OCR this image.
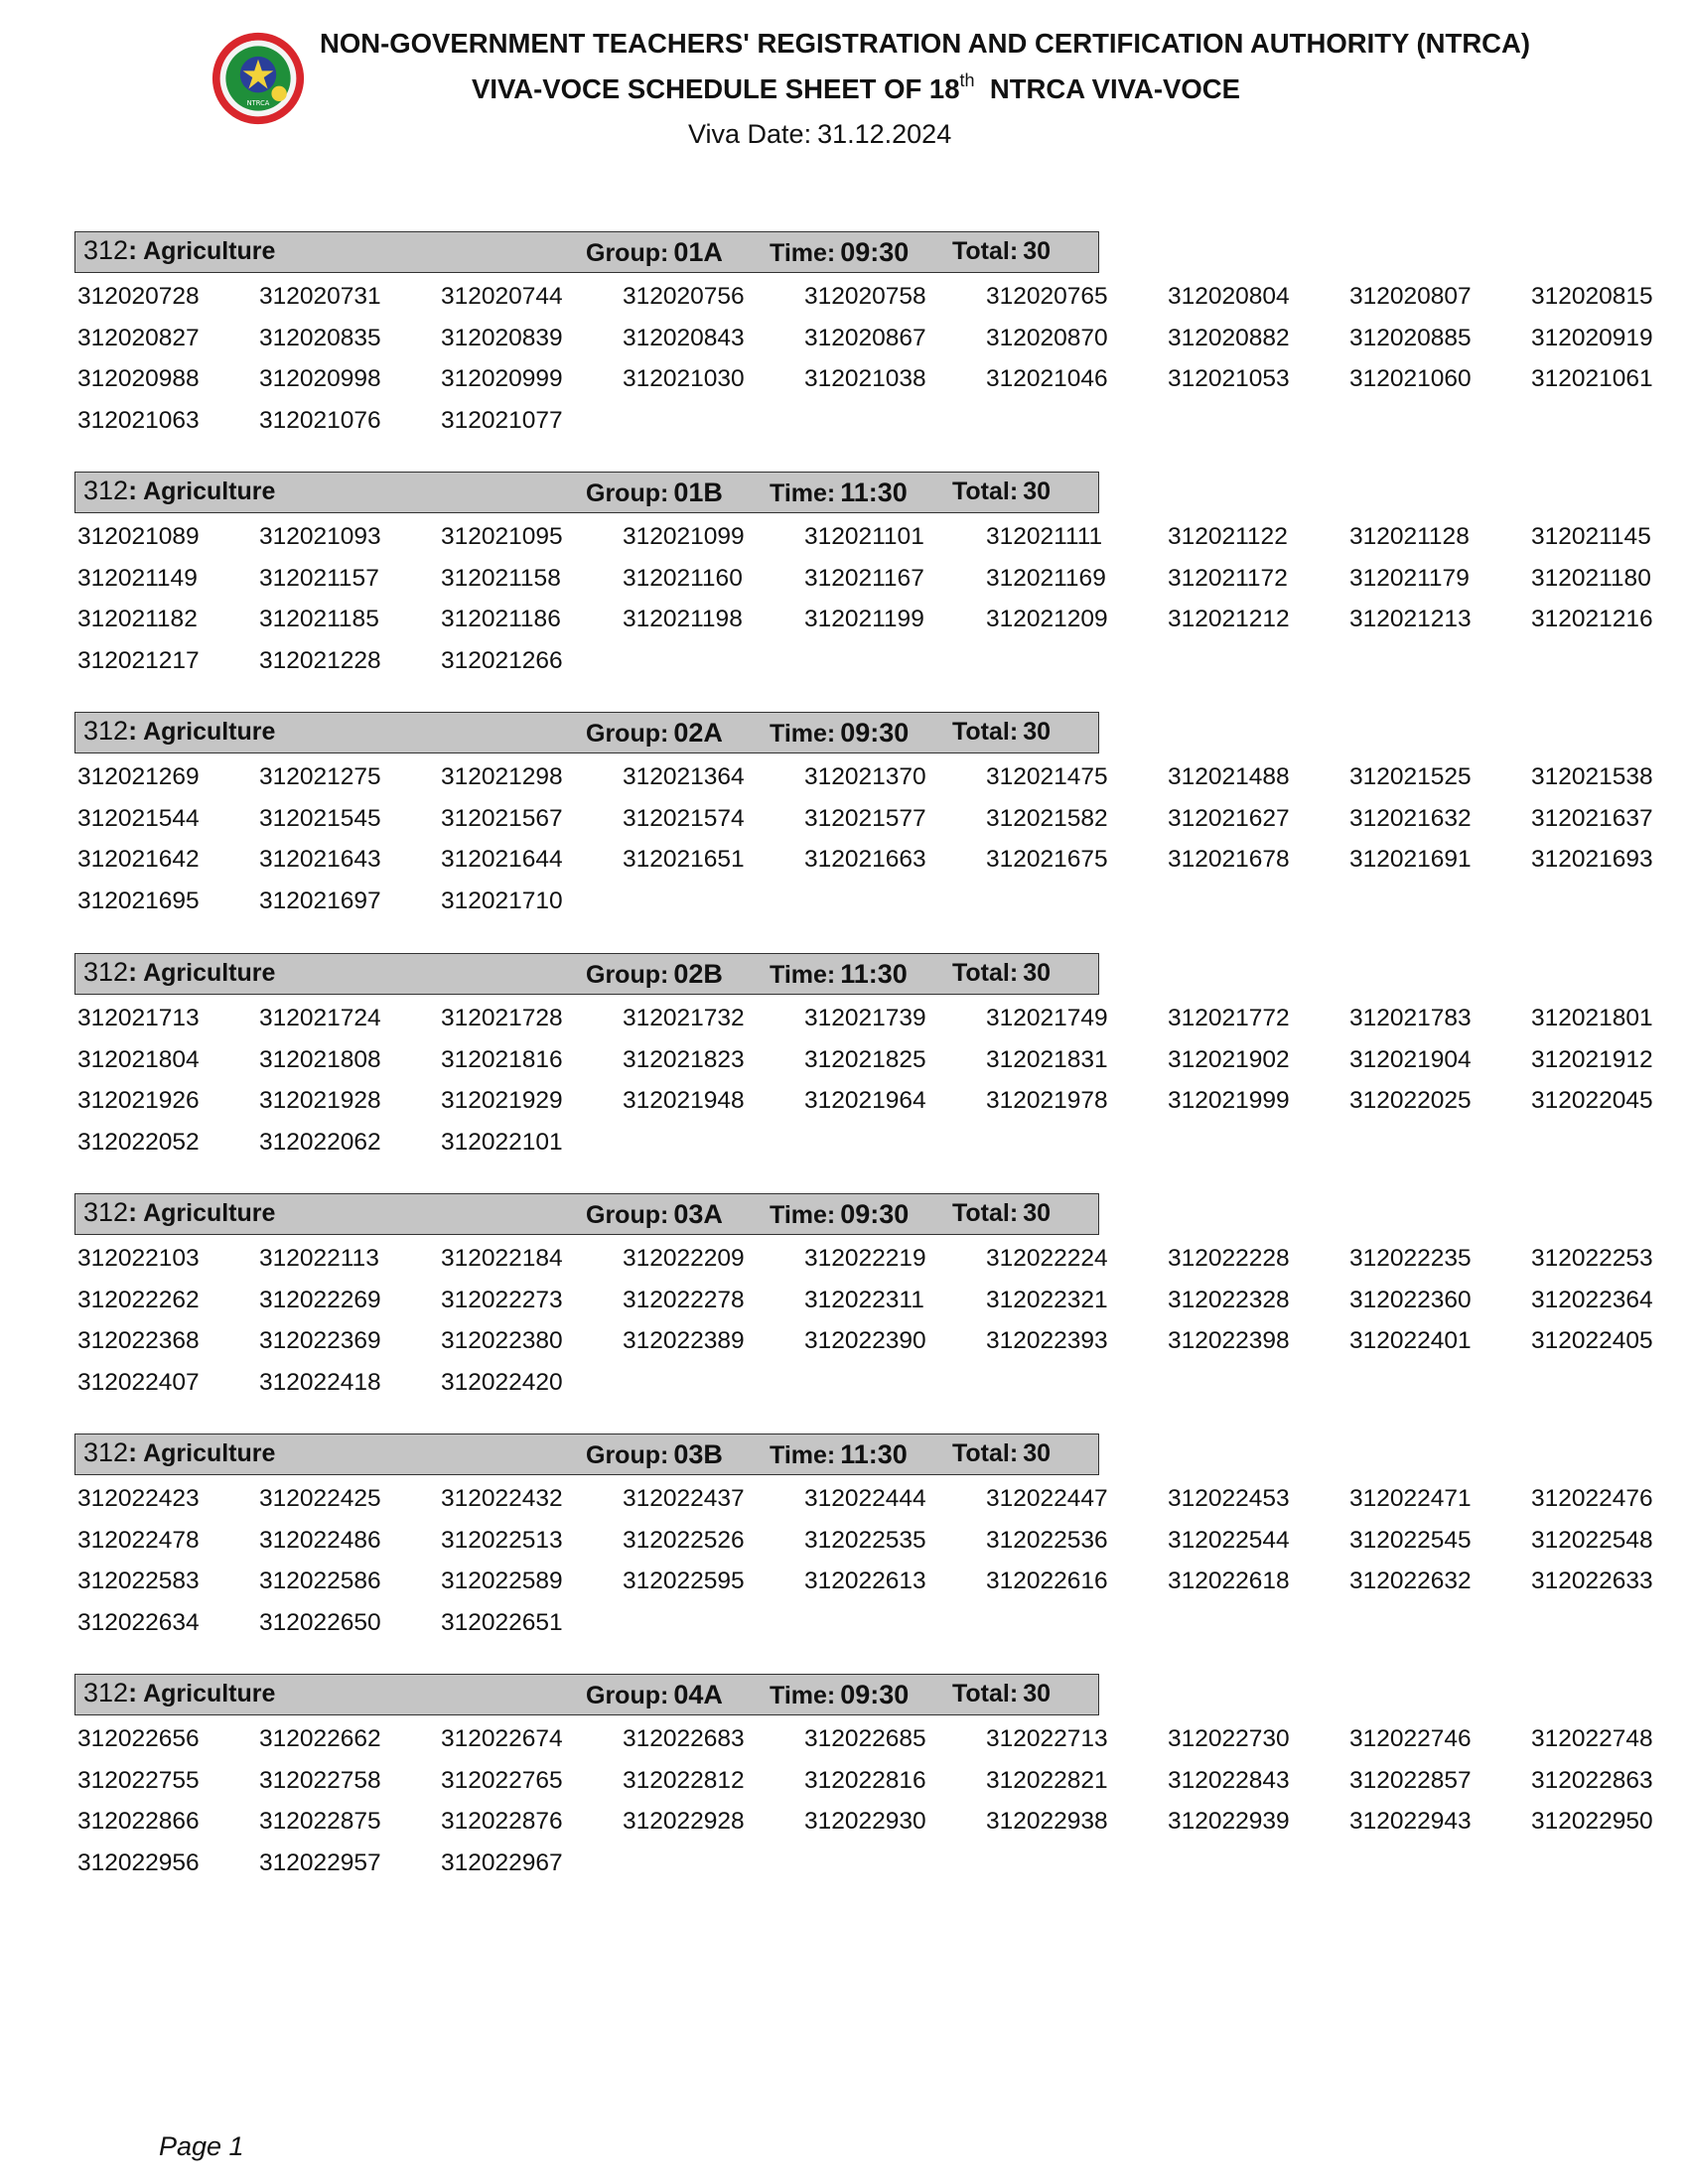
NTRCA
NON-GOVERNMENT TEACHERS' REGISTRATION AND CERTIFICATION AUTHORITY (NTRCA)
VIVA-VOCE SCHEDULE SHEET OF 18th NTRCA VIVA-VOCE
Viva Date: 31.12.2024
312: Agriculture	Group: 01A Time: 09:30 Total: 30
312020728 312020731 312020744 312020756 312020758 312020765 312020804 312020807 312020815
312020827 312020835 312020839 312020843 312020867 312020870 312020882 312020885 312020919
312020988 312020998 312020999 312021030 312021038 312021046 312021053 312021060 312021061
312021063 312021076 312021077
312: Agriculture	Group: 01B Time: 11:30 Total: 30
312021089 312021093 312021095 312021099 312021101	312021111	312021122	312021128	312021145
312021149	312021157	312021158	312021160	312021167	312021169	312021172	312021179	312021180
312021182	312021185	312021186	312021198	312021199	312021209 312021212 312021213 312021216
312021217 312021228 312021266
312: Agriculture	Group: 02A Time: 09:30 Total: 30
312021269 312021275 312021298 312021364 312021370 312021475 312021488 312021525 312021538
312021544 312021545 312021567 312021574 312021577 312021582 312021627 312021632 312021637
312021642 312021643 312021644 312021651 312021663 312021675 312021678 312021691 312021693
312021695 312021697 312021710
312: Agriculture	Group: 02B Time: 11:30 Total: 30
312021713 312021724 312021728 312021732 312021739 312021749 312021772 312021783 312021801
312021804 312021808 312021816 312021823 312021825 312021831 312021902 312021904 312021912
312021926 312021928 312021929 312021948 312021964 312021978 312021999 312022025 312022045
312022052 312022062 312022101
312: Agriculture	Group: 03A Time: 09:30 Total: 30
312022103 312022113	312022184 312022209 312022219 312022224 312022228 312022235 312022253
312022262 312022269 312022273 312022278 312022311	312022321 312022328 312022360 312022364
312022368 312022369 312022380 312022389 312022390 312022393 312022398 312022401 312022405
312022407 312022418 312022420
312: Agriculture	Group: 03B Time: 11:30 Total: 30
312022423 312022425 312022432 312022437 312022444 312022447 312022453 312022471 312022476
312022478 312022486 312022513 312022526 312022535 312022536 312022544 312022545 312022548
312022583 312022586 312022589 312022595 312022613 312022616 312022618 312022632 312022633
312022634 312022650 312022651
312: Agriculture	Group: 04A Time: 09:30 Total: 30
312022656 312022662 312022674 312022683 312022685 312022713 312022730 312022746 312022748
312022755 312022758 312022765 312022812 312022816 312022821 312022843 312022857 312022863
312022866 312022875 312022876 312022928 312022930 312022938 312022939 312022943 312022950
312022956 312022957 312022967
Page 1
